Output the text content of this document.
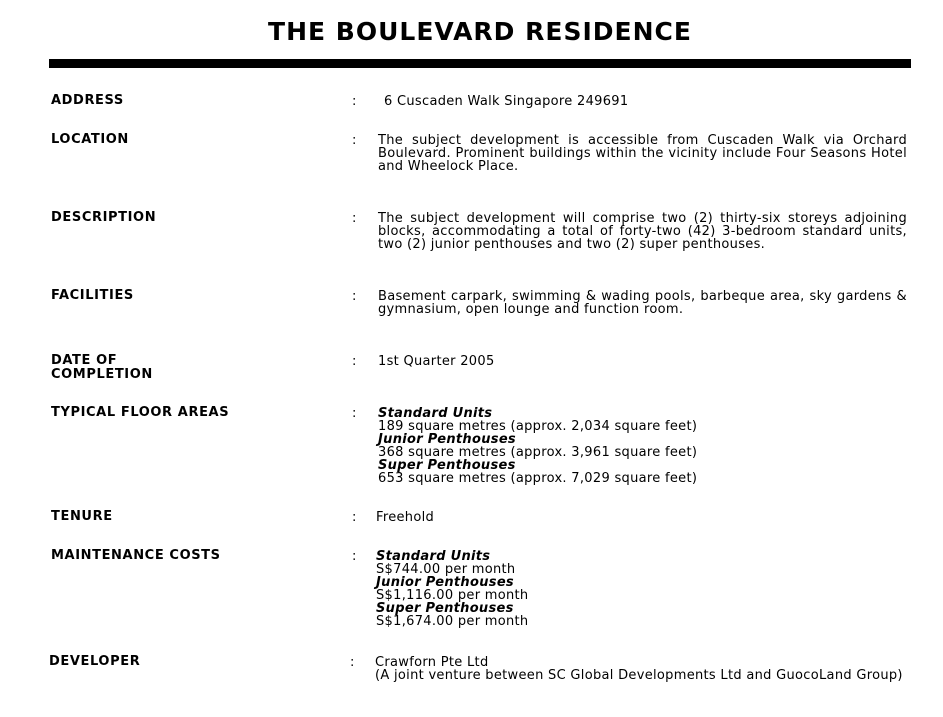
THE BOULEVARD RESIDENCE
ADDRESS	: 6 Cuscaden Walk Singapore 249691
LOCATION	: The subject development is accessible from Cuscaden Walk via Orchard Boulevard. Prominent buildings within the vicinity include Four Seasons Hotel and Wheelock Place.
DESCRIPTION	: The subject development will comprise two (2) thirty-six storeys adjoining blocks, accommodating a total of forty-two (42) 3-bedroom standard units, two (2) junior penthouses and two (2) super penthouses.
FACILITIES	: Basement carpark, swimming & wading pools, barbeque area, sky gardens & gymnasium, open lounge and function room.
DATE OF
COMPLETION
: 1st Quarter 2005
TYPICAL FLOOR AREAS	: Standard Units
189 square metres (approx. 2,034 square feet)
Junior Penthouses
368 square metres (approx. 3,961 square feet)
Super Penthouses
653 square metres (approx. 7,029 square feet)
TENURE	: Freehold
MAINTENANCE COSTS	: Standard Units
S$744.00 per month
Junior Penthouses
S$1,116.00 per month
Super Penthouses
S$1,674.00 per month
DEVELOPER	: Crawforn Pte Ltd
(A joint venture between SC Global Developments Ltd and GuocoLand Group)
